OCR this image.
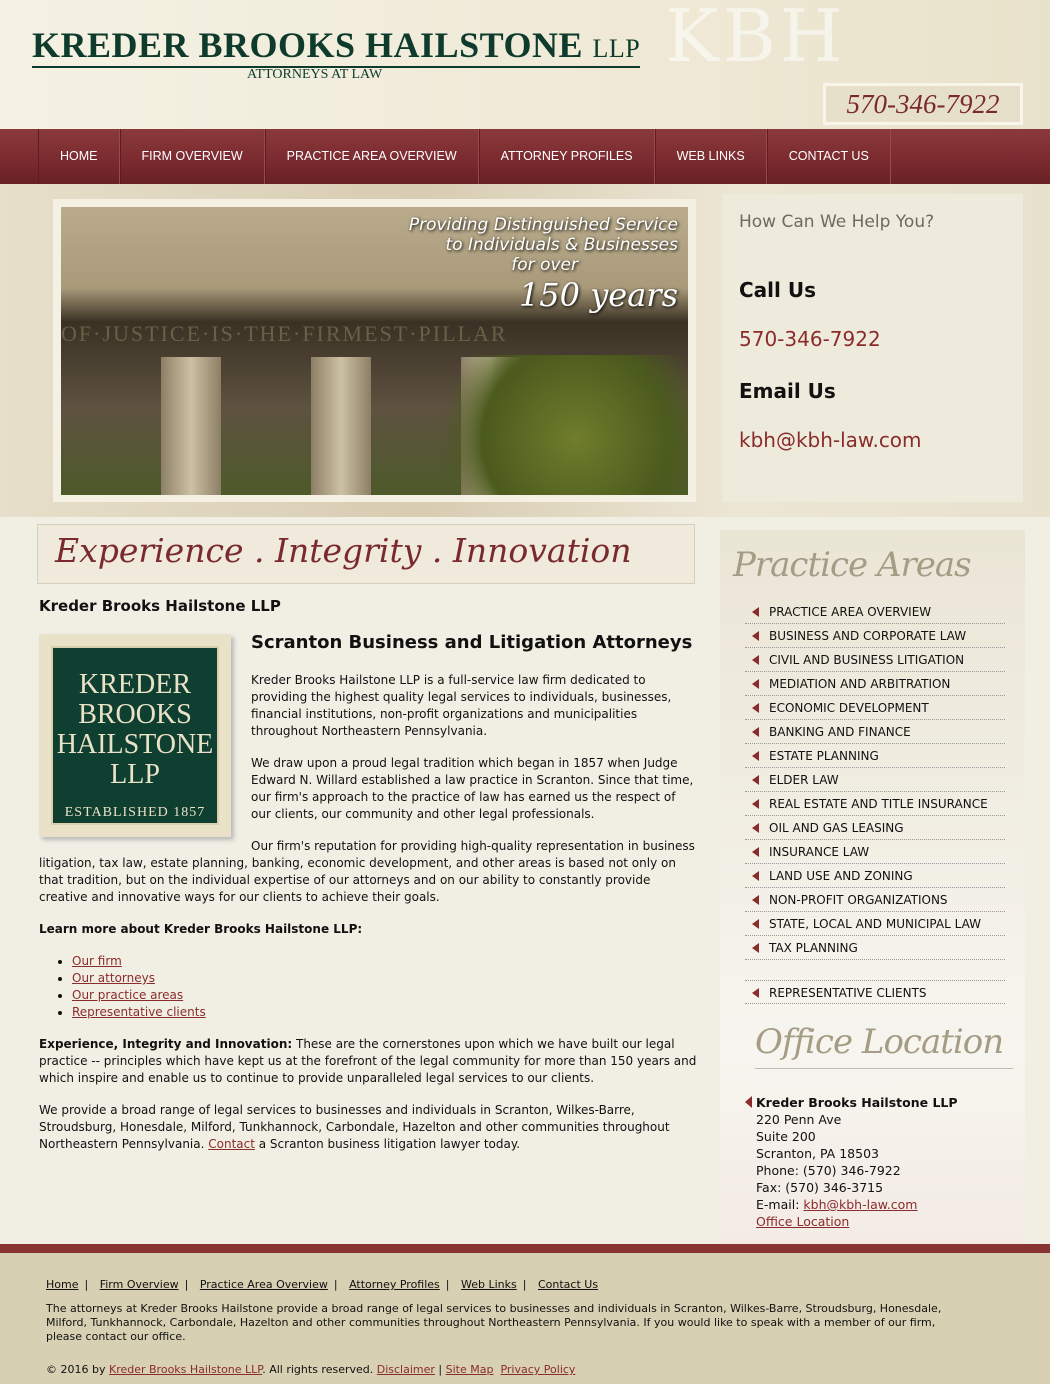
KBH
KREDER BROOKS HAILSTONE LLP
ATTORNEYS AT LAW
570-346-7922
HOME	FIRM OVERVIEW	PRACTICE AREA OVERVIEW	ATTORNEY PROFILES	WEB LINKS	CONTACT US
OF·JUSTICE·IS·THE·FIRMEST·PILLAR
Providing Distinguished Service
to Individuals & Businesses
for over
150 years
How Can We Help You?
Call Us
570-346-7922
Email Us
kbh@kbh-law.com
Experience . Integrity . Innovation
Kreder Brooks Hailstone LLP
KREDER
BROOKS
HAILSTONE
LLP
ESTABLISHED 1857
Scranton Business and Litigation Attorneys

Kreder Brooks Hailstone LLP is a full-service law firm dedicated to providing the highest quality legal services to individuals, businesses, financial institutions, non-profit organizations and municipalities throughout Northeastern Pennsylvania.

We draw upon a proud legal tradition which began in 1857 when Judge Edward N. Willard established a law practice in Scranton. Since that time, our firm's approach to the practice of law has earned us the respect of our clients, our community and other legal professionals.

Our firm's reputation for providing high-quality representation in business litigation, tax law, estate planning, banking, economic development, and other areas is based not only on that tradition, but on the individual expertise of our attorneys and on our ability to constantly provide creative and innovative ways for our clients to achieve their goals.

Learn more about Kreder Brooks Hailstone LLP:

• Our firm
• Our attorneys
• Our practice areas
• Representative clients

Experience, Integrity and Innovation: These are the cornerstones upon which we have built our legal practice -- principles which have kept us at the forefront of the legal community for more than 150 years and which inspire and enable us to continue to provide unparalleled legal services to our clients.

We provide a broad range of legal services to businesses and individuals in Scranton, Wilkes-Barre, Stroudsburg, Honesdale, Milford, Tunkhannock, Carbondale, Hazelton and other communities throughout Northeastern Pennsylvania. Contact a Scranton business litigation lawyer today.

Practice Areas
PRACTICE AREA OVERVIEW
BUSINESS AND CORPORATE LAW
CIVIL AND BUSINESS LITIGATION
MEDIATION AND ARBITRATION
ECONOMIC DEVELOPMENT
BANKING AND FINANCE
ESTATE PLANNING
ELDER LAW
REAL ESTATE AND TITLE INSURANCE
OIL AND GAS LEASING
INSURANCE LAW
LAND USE AND ZONING
NON-PROFIT ORGANIZATIONS
STATE, LOCAL AND MUNICIPAL LAW
TAX PLANNING
REPRESENTATIVE CLIENTS
Office Location
Kreder Brooks Hailstone LLP
220 Penn Ave
Suite 200
Scranton, PA 18503
Phone: (570) 346-7922
Fax: (570) 346-3715
E-mail: kbh@kbh-law.com
Office Location
Home | Firm Overview | Practice Area Overview | Attorney Profiles | Web Links | Contact Us

The attorneys at Kreder Brooks Hailstone provide a broad range of legal services to businesses and individuals in Scranton, Wilkes-Barre, Stroudsburg, Honesdale, Milford, Tunkhannock, Carbondale, Hazelton and other communities throughout Northeastern Pennsylvania. If you would like to speak with a member of our firm, please contact our office.

© 2016 by Kreder Brooks Hailstone LLP. All rights reserved. Disclaimer | Site Map Privacy Policy
